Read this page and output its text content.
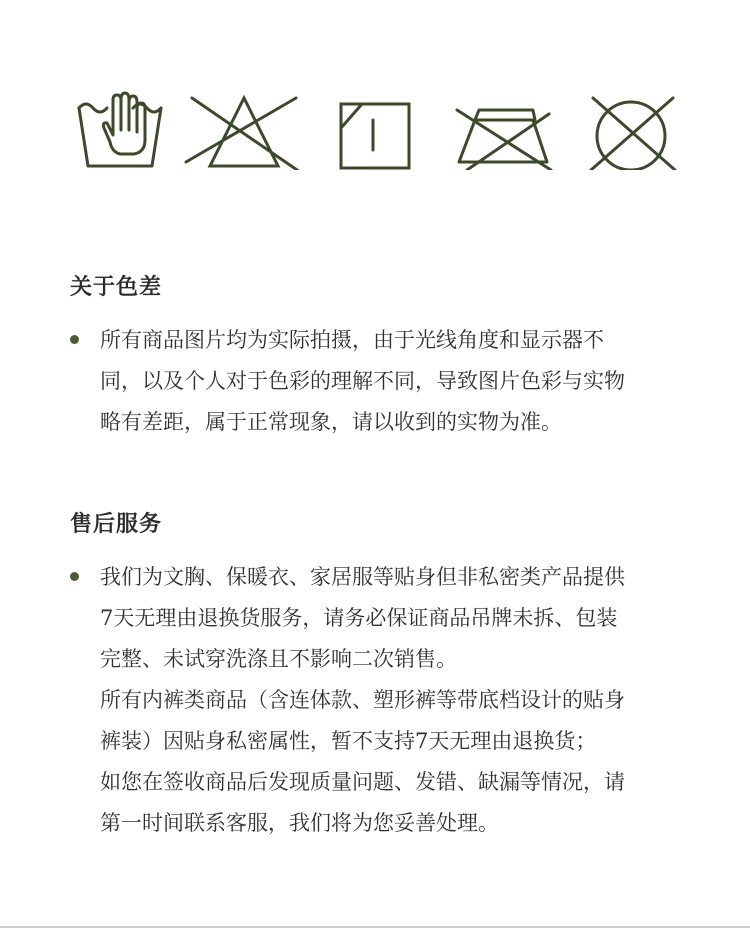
关于色差

所有商品图片均为实际拍摄，由于光线角度和显示器不

同，以及个人对于色彩的理解不同，导致图片色彩与实物

略有差距，属于正常现象，请以收到的实物为准。

售后服务

我们为文胸、保暖衣、家居服等贴身但非私密类产品提供

7天无理由退换货服务，请务必保证商品吊牌未拆、包装

完整、未试穿洗涤且不影响二次销售。

所有内裤类商品（含连体款、塑形裤等带底档设计的贴身

裤装）因贴身私密属性，暂不支持7天无理由退换货；

如您在签收商品后发现质量问题、发错、缺漏等情况，请

第一时间联系客服，我们将为您妥善处理。
